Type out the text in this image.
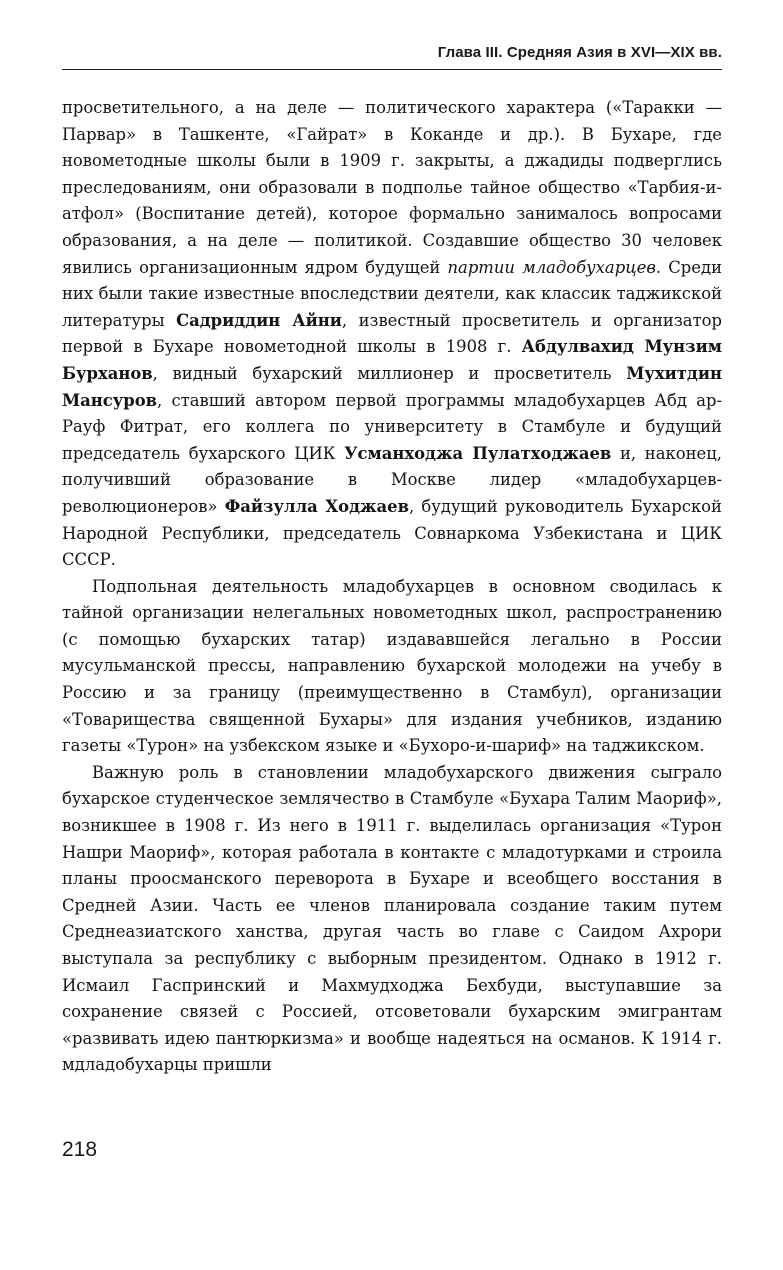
Глава III. Средняя Азия в XVI—XIX вв.

просветительного, а на деле — политического характера («Таракки — Парвар» в Ташкенте, «Гайрат» в Коканде и др.). В Бухаре, где новометодные школы были в 1909 г. закрыты, а джадиды подверглись преследованиям, они образовали в подполье тайное общество «Тарбия-и-атфол» (Воспитание детей), которое формально занималось вопросами образования, а на деле — политикой. Создавшие общество 30 человек явились организационным ядром будущей партии младобухарцев. Среди них были такие известные впоследствии деятели, как классик таджикской литературы Садриддин Айни, известный просветитель и организатор первой в Бухаре новометодной школы в 1908 г. Абдулвахид Мунзим Бурханов, видный бухарский миллионер и просветитель Мухитдин Мансуров, ставший автором первой программы младобухарцев Абд ар-Рауф Фитрат, его коллега по университету в Стамбуле и будущий председатель бухарского ЦИК Усманходжа Пулатходжаев и, наконец, получивший образование в Москве лидер «младобухарцев-революционеров» Файзулла Ходжаев, будущий руководитель Бухарской Народной Республики, председатель Совнаркома Узбекистана и ЦИК СССР.

Подпольная деятельность младобухарцев в основном сводилась к тайной организации нелегальных новометодных школ, распространению (с помощью бухарских татар) издававшейся легально в России мусульманской прессы, направлению бухарской молодежи на учебу в Россию и за границу (преимущественно в Стамбул), организации «Товарищества священной Бухары» для издания учебников, изданию газеты «Турон» на узбекском языке и «Бухоро-и-шариф» на таджикском.

Важную роль в становлении младобухарского движения сыграло бухарское студенческое землячество в Стамбуле «Бухара Талим Маориф», возникшее в 1908 г. Из него в 1911 г. выделилась организация «Турон Нашри Маориф», которая работала в контакте с младотурками и строила планы проосманского переворота в Бухаре и всеобщего восстания в Средней Азии. Часть ее членов планировала создание таким путем Среднеазиатского ханства, другая часть во главе с Саидом Ахрори выступала за республику с выборным президентом. Однако в 1912 г. Исмаил Гаспринский и Махмудходжа Бехбуди, выступавшие за сохранение связей с Россией, отсоветовали бухарским эмигрантам «развивать идею пантюркизма» и вообще надеяться на османов. К 1914 г. мдладобухарцы пришли

218
